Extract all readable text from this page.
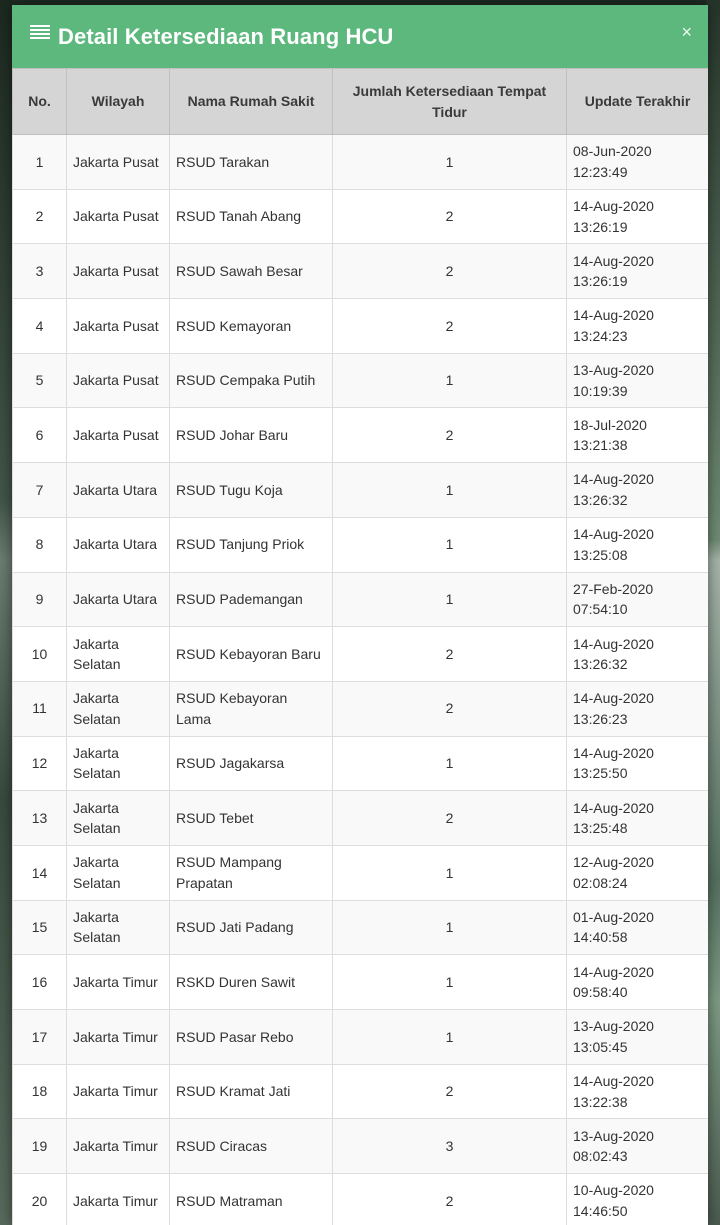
Detail Ketersediaan Ruang HCU	×
No.	Wilayah	Nama Rumah Sakit	Jumlah Ketersediaan Tempat Tidur	Update Terakhir
1	Jakarta Pusat	RSUD Tarakan	1	08-Jun-2020 12:23:49
2	Jakarta Pusat	RSUD Tanah Abang	2	14-Aug-2020 13:26:19
3	Jakarta Pusat	RSUD Sawah Besar	2	14-Aug-2020 13:26:19
4	Jakarta Pusat	RSUD Kemayoran	2	14-Aug-2020 13:24:23
5	Jakarta Pusat	RSUD Cempaka Putih	1	13-Aug-2020 10:19:39
6	Jakarta Pusat	RSUD Johar Baru	2	18-Jul-2020 13:21:38
7	Jakarta Utara	RSUD Tugu Koja	1	14-Aug-2020 13:26:32
8	Jakarta Utara	RSUD Tanjung Priok	1	14-Aug-2020 13:25:08
9	Jakarta Utara	RSUD Pademangan	1	27-Feb-2020 07:54:10
10	Jakarta Selatan	RSUD Kebayoran Baru	2	14-Aug-2020 13:26:32
11	Jakarta Selatan	RSUD Kebayoran Lama	2	14-Aug-2020 13:26:23
12	Jakarta Selatan	RSUD Jagakarsa	1	14-Aug-2020 13:25:50
13	Jakarta Selatan	RSUD Tebet	2	14-Aug-2020 13:25:48
14	Jakarta Selatan	RSUD Mampang Prapatan	1	12-Aug-2020 02:08:24
15	Jakarta Selatan	RSUD Jati Padang	1	01-Aug-2020 14:40:58
16	Jakarta Timur	RSKD Duren Sawit	1	14-Aug-2020 09:58:40
17	Jakarta Timur	RSUD Pasar Rebo	1	13-Aug-2020 13:05:45
18	Jakarta Timur	RSUD Kramat Jati	2	14-Aug-2020 13:22:38
19	Jakarta Timur	RSUD Ciracas	3	13-Aug-2020 08:02:43
20	Jakarta Timur	RSUD Matraman	2	10-Aug-2020 14:46:50
